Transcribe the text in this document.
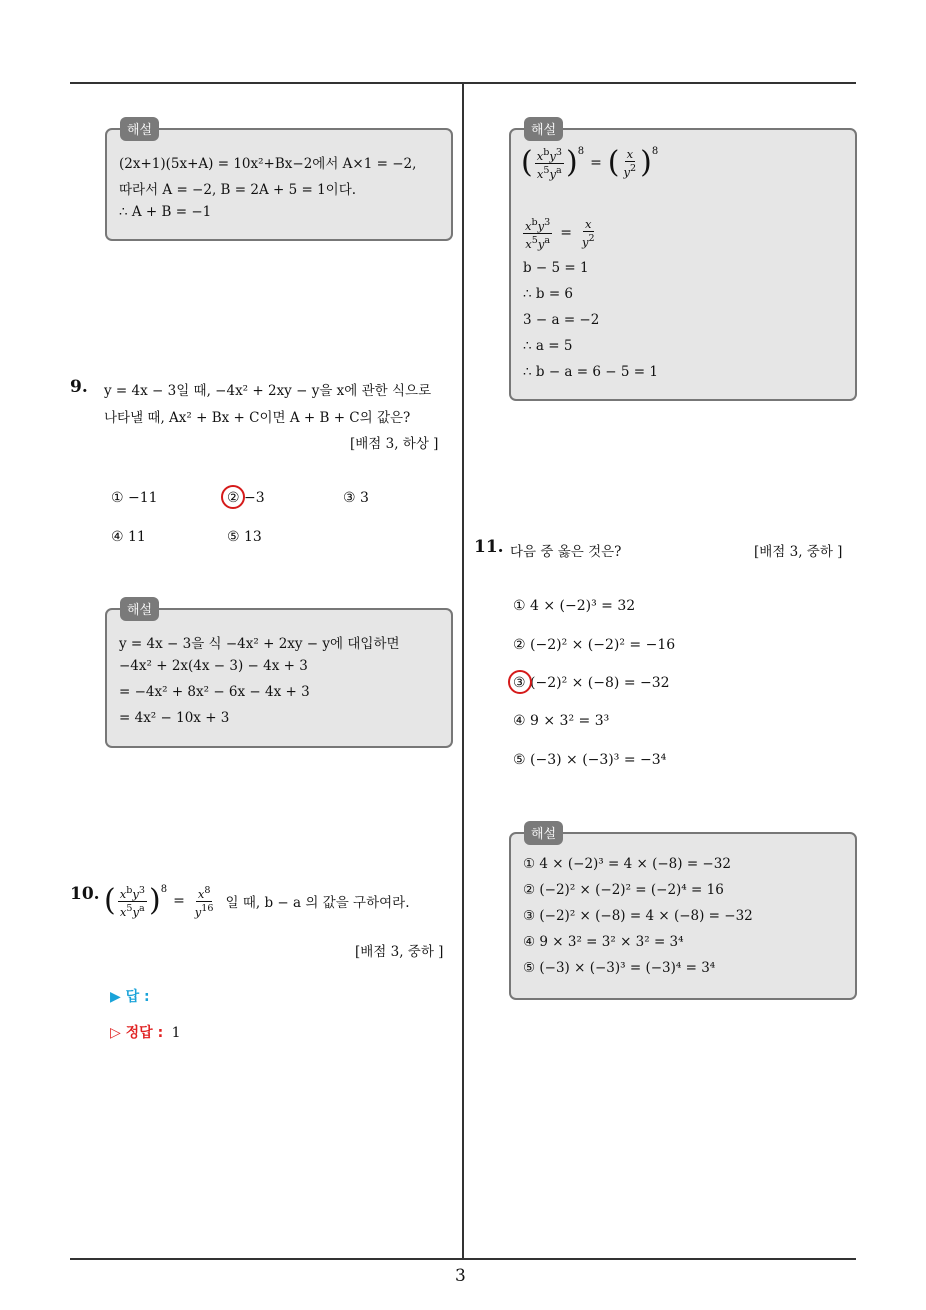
3
(2x+1)(5x+A) = 10x²+Bx−2에서 A×1 = −2,
따라서 A = −2, B = 2A + 5 = 1이다.
∴ A + B = −1
해설
9. y = 4x − 3일 때, −4x² + 2xy − y을 x에 관한 식으로
나타낼 때, Ax² + Bx + C이면 A + B + C의 값은?
[배점 3, 하상 ]
① −11	② −3	③ 3
④ 11	⑤ 13
y = 4x − 3을 식 −4x² + 2xy − y에 대입하면
−4x² + 2x(4x − 3) − 4x + 3
= −4x² + 8x² − 6x − 4x + 3
= 4x² − 10x + 3
해설
10. ( $\frac{x^by^3}{x^5y^a}$ ) 8
= $\frac{x^8}{y^{16}}$ 일 때, b − a 의 값을 구하여라.
[배점 3, 중하 ]
▶ 답 :
▷ 정답 : 1
( $\frac{x^by^3}{x^5y^a}$ ) 8
= ( $\frac{x}{y^2}$ ) 8
$\frac{x^by^3}{x^5y^a} = \frac{x}{y^2}$
b − 5 = 1
∴ b = 6
3 − a = −2
∴ a = 5
∴ b − a = 6 − 5 = 1
해설
11. 다음 중 옳은 것은?	[배점 3, 중하 ]
① 4 × (−2)³ = 32
② (−2)² × (−2)² = −16
③ (−2)² × (−8) = −32
④ 9 × 3² = 3³
⑤ (−3) × (−3)³ = −3⁴
① 4 × (−2)³ = 4 × (−8) = −32
② (−2)² × (−2)² = (−2)⁴ = 16
③ (−2)² × (−8) = 4 × (−8) = −32
④ 9 × 3² = 3² × 3² = 3⁴
⑤ (−3) × (−3)³ = (−3)⁴ = 3⁴
해설
